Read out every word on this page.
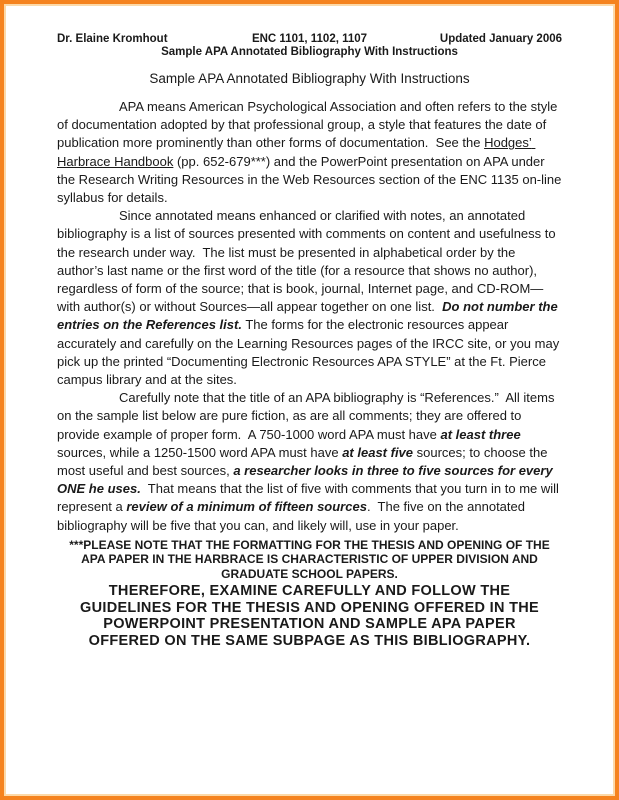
Dr. Elaine Kromhout	ENC 1101, 1102, 1107	Updated January 2006
Sample APA Annotated Bibliography With Instructions
Sample APA Annotated Bibliography With Instructions

APA means American Psychological Association and often refers to the style of documentation adopted by that professional group, a style that features the date of publication more prominently than other forms of documentation.  See the Hodges’ Harbrace Handbook (pp. 652-679***) and the PowerPoint presentation on APA under the Research Writing Resources in the Web Resources section of the ENC 1135 on-line syllabus for details.

Since annotated means enhanced or clarified with notes, an annotated bibliography is a list of sources presented with comments on content and usefulness to the research under way.  The list must be presented in alphabetical order by the author’s last name or the first word of the title (for a resource that shows no author), regardless of form of the source; that is book, journal, Internet page, and CD-ROM—with author(s) or without Sources—all appear together on one list.  Do not number the entries on the References list. The forms for the electronic resources appear accurately and carefully on the Learning Resources pages of the IRCC site, or you may pick up the printed “Documenting Electronic Resources APA STYLE” at the Ft. Pierce campus library and at the sites.

Carefully note that the title of an APA bibliography is “References.”  All items on the sample list below are pure fiction, as are all comments; they are offered to provide example of proper form.  A 750-1000 word APA must have at least three sources, while a 1250-1500 word APA must have at least five sources; to choose the most useful and best sources, a researcher looks in three to five sources for every ONE he uses.  That means that the list of five with comments that you turn in to me will represent a review of a minimum of fifteen sources.  The five on the annotated bibliography will be five that you can, and likely will, use in your paper.

***PLEASE NOTE THAT THE FORMATTING FOR THE THESIS AND OPENING OF THE APA PAPER IN THE HARBRACE IS CHARACTERISTIC OF UPPER DIVISION AND GRADUATE SCHOOL PAPERS.
THEREFORE, EXAMINE CAREFULLY AND FOLLOW THE GUIDELINES FOR THE THESIS AND OPENING OFFERED IN THE POWERPOINT PRESENTATION AND SAMPLE APA PAPER OFFERED ON THE SAME SUBPAGE AS THIS BIBLIOGRAPHY.
